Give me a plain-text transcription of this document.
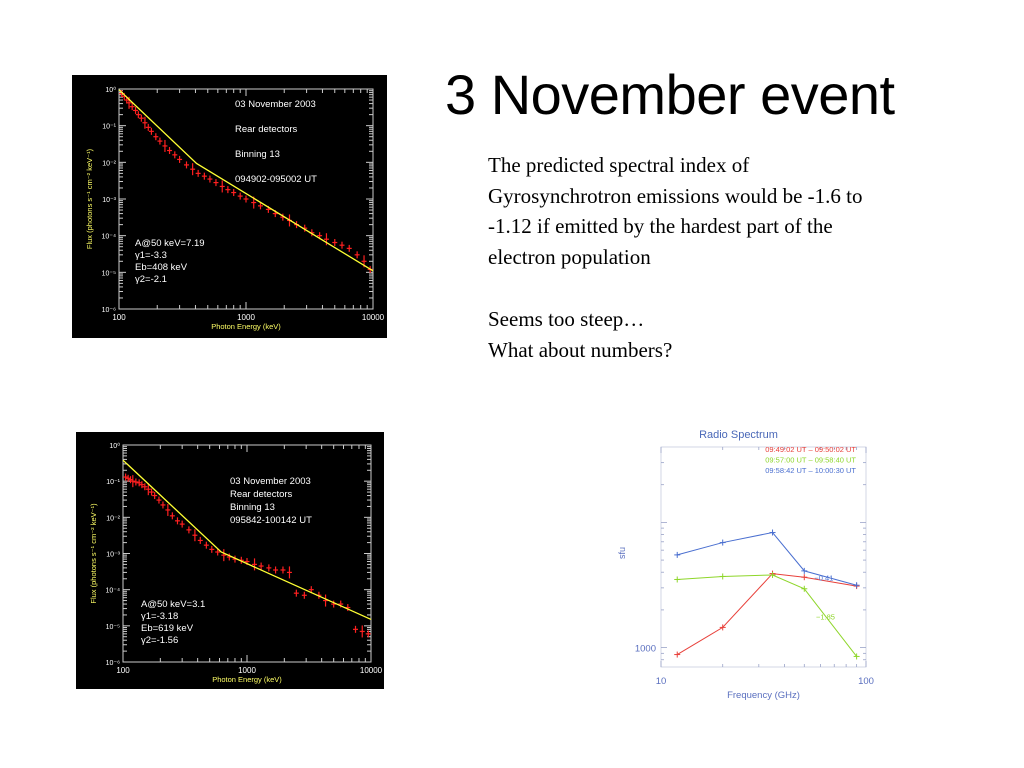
3 November event

The predicted spectral index of Gyrosynchrotron emissions would be -1.6 to -1.12 if emitted by the hardest part of the electron population

Seems too steep…

What about numbers?

100	1000	10000
10⁰
10⁻¹
10⁻²
10⁻³
10⁻⁴
10⁻⁵
10⁻⁶
Photon Energy (keV)
Flux (photons s⁻¹ cm⁻² keV⁻¹)
03 November 2003
Rear detectors
Binning 13
094902-095002 UT
A@50 keV=7.19
γ1=-3.3
Eb=408 keV
γ2=-2.1
100	1000	10000
10⁰
10⁻¹
10⁻²
10⁻³
10⁻⁴
10⁻⁵
10⁻⁶
Photon Energy (keV)
Flux (photons s⁻¹ cm⁻² keV⁻¹)
03 November 2003
Rear detectors
Binning 13
095842-100142 UT
A@50 keV=3.1
γ1=-3.18
Eb=619 keV
γ2=-1.56
Radio Spectrum
10	100
1000
Frequency (GHz)
sfu
09:49:02 UT – 09:50:02 UT
09:57:00 UT – 09:58:40 UT
09:58:42 UT – 10:00:30 UT
−0.41
−1.85
